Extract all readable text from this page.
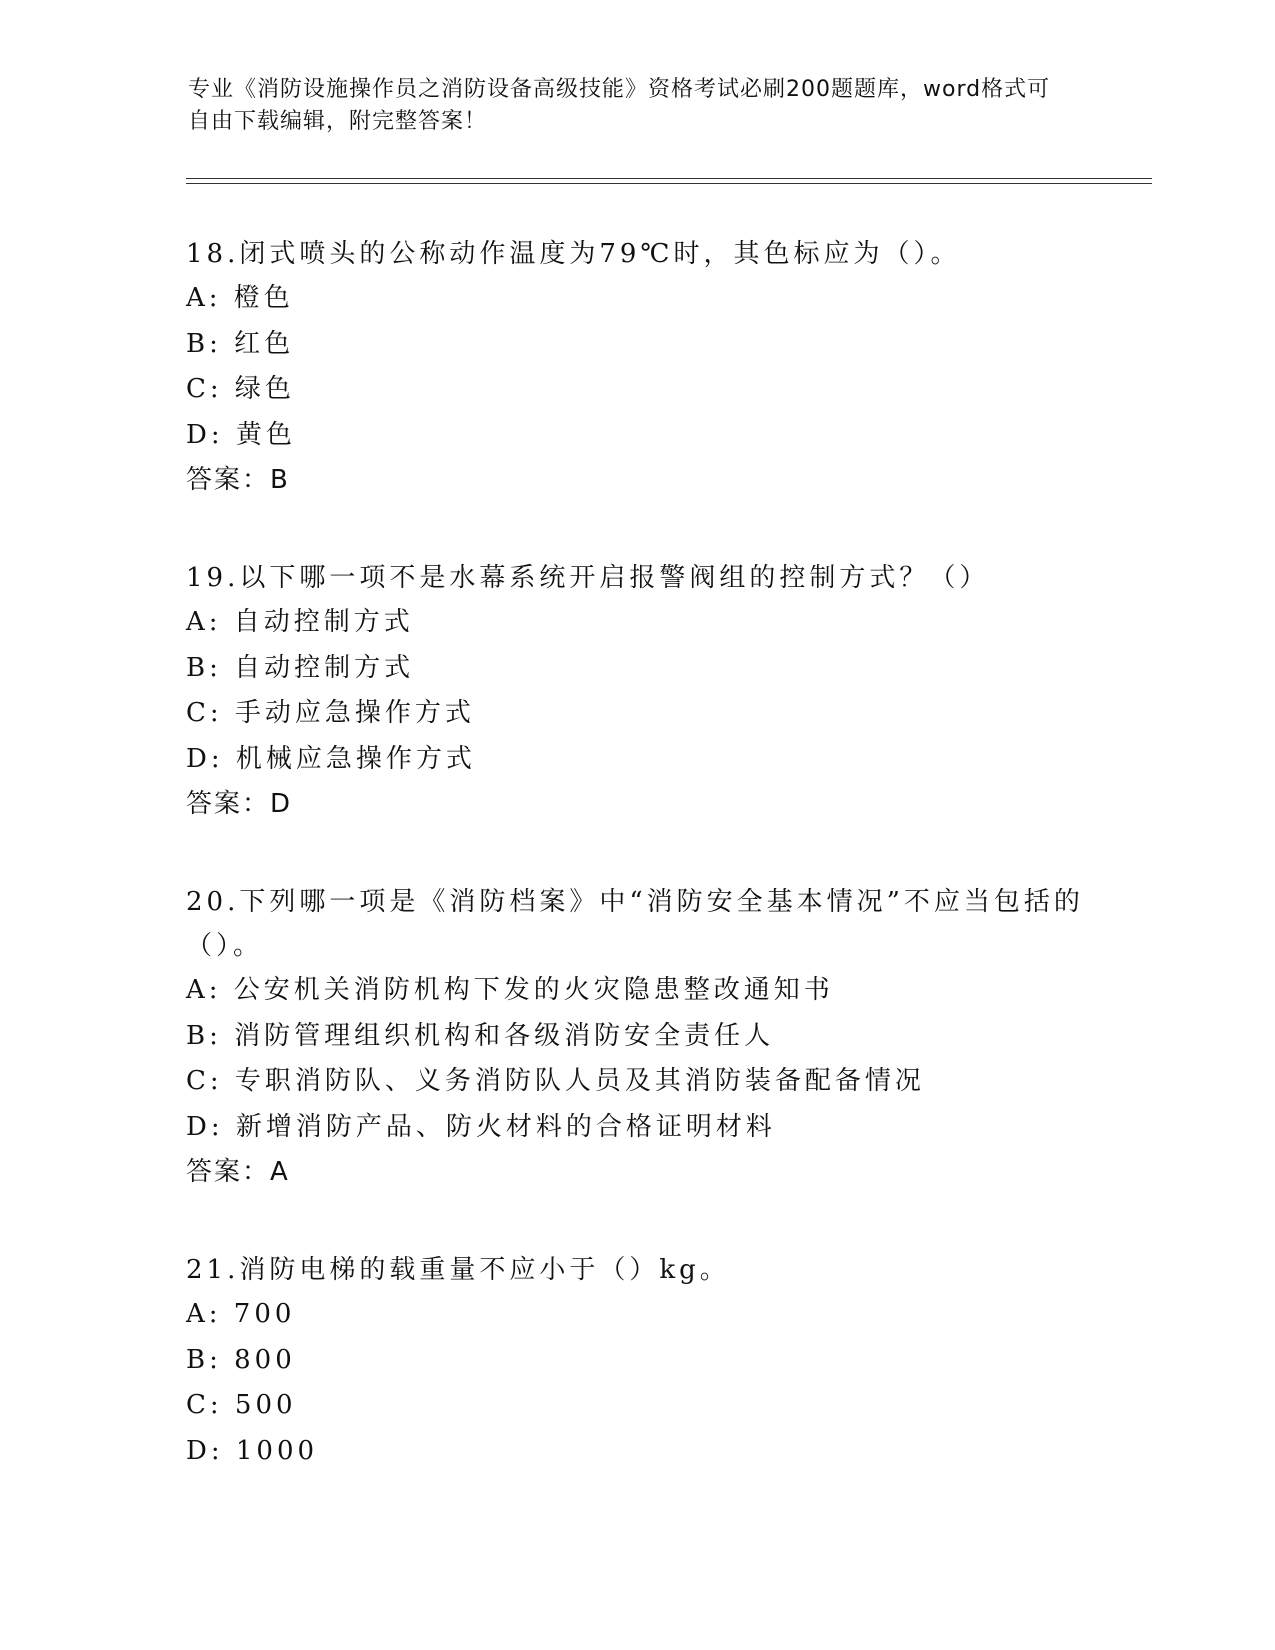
专业《消防设施操作员之消防设备高级技能》资格考试必刷200题题库，word格式可自由下载编辑，附完整答案！

18.闭式喷头的公称动作温度为79℃时，其色标应为（）。

A: 橙色

B: 红色

C: 绿色

D: 黄色

答案：B

19.以下哪一项不是水幕系统开启报警阀组的控制方式？（）

A: 自动控制方式

B: 自动控制方式

C: 手动应急操作方式

D: 机械应急操作方式

答案：D

20.下列哪一项是《消防档案》中“消防安全基本情况”不应当包括的（）。

A: 公安机关消防机构下发的火灾隐患整改通知书

B: 消防管理组织机构和各级消防安全责任人

C: 专职消防队、义务消防队人员及其消防装备配备情况

D: 新增消防产品、防火材料的合格证明材料

答案：A

21.消防电梯的载重量不应小于（）kg。

A: 700

B: 800

C: 500

D: 1000
